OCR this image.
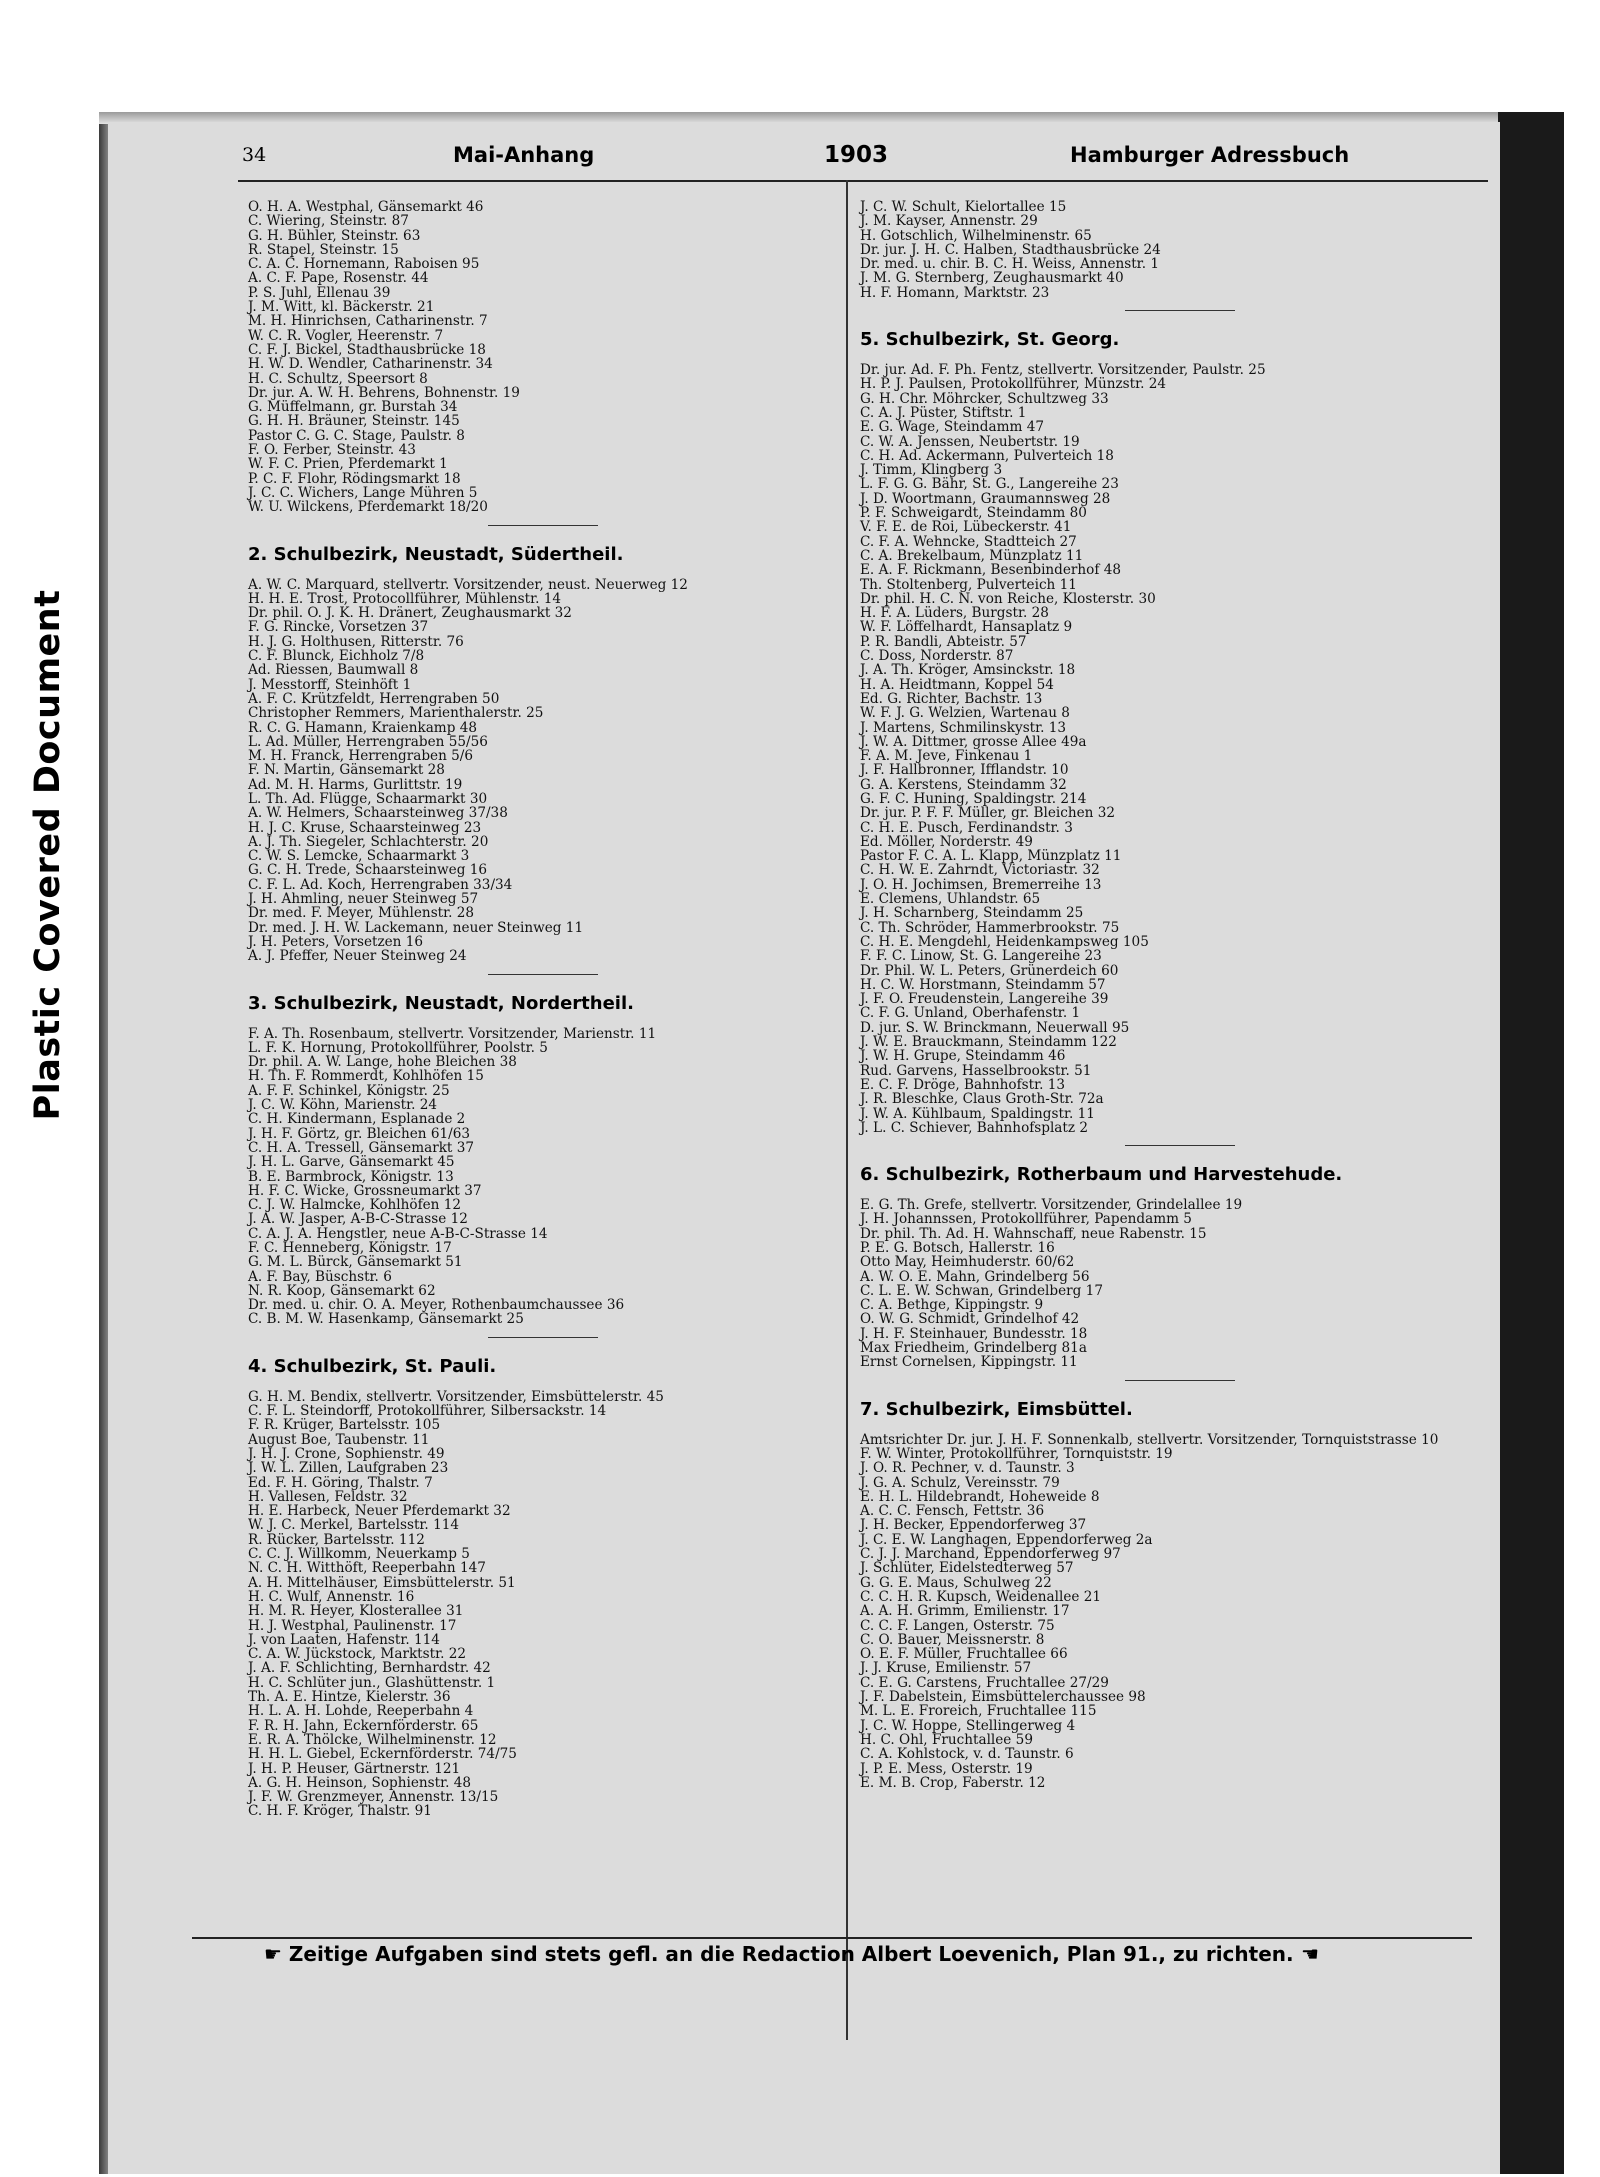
Plastic Covered Document
34	Mai-Anhang	1903	Hamburger Adressbuch
O. H. A. Westphal, Gänsemarkt 46
C. Wiering, Steinstr. 87
G. H. Bühler, Steinstr. 63
R. Stapel, Steinstr. 15
C. A. C. Hornemann, Raboisen 95
A. C. F. Pape, Rosenstr. 44
P. S. Juhl, Ellenau 39
J. M. Witt, kl. Bäckerstr. 21
M. H. Hinrichsen, Catharinenstr. 7
W. C. R. Vogler, Heerenstr. 7
C. F. J. Bickel, Stadthausbrücke 18
H. W. D. Wendler, Catharinenstr. 34
H. C. Schultz, Speersort 8
Dr. jur. A. W. H. Behrens, Bohnenstr. 19
G. Müffelmann, gr. Burstah 34
G. H. H. Bräuner, Steinstr. 145
Pastor C. G. C. Stage, Paulstr. 8
F. O. Ferber, Steinstr. 43
W. F. C. Prien, Pferdemarkt 1
P. C. F. Flohr, Rödingsmarkt 18
J. C. C. Wichers, Lange Mühren 5
W. U. Wilckens, Pferdemarkt 18/20
2. Schulbezirk, Neustadt, Südertheil.
A. W. C. Marquard, stellvertr. Vorsitzender, neust. Neuerweg 12
H. H. E. Trost, Protocollführer, Mühlenstr. 14
Dr. phil. O. J. K. H. Dränert, Zeughausmarkt 32
F. G. Rincke, Vorsetzen 37
H. J. G. Holthusen, Ritterstr. 76
C. F. Blunck, Eichholz 7/8
Ad. Riessen, Baumwall 8
J. Messtorff, Steinhöft 1
A. F. C. Krützfeldt, Herrengraben 50
Christopher Remmers, Marienthalerstr. 25
R. C. G. Hamann, Kraienkamp 48
L. Ad. Müller, Herrengraben 55/56
M. H. Franck, Herrengraben 5/6
F. N. Martin, Gänsemarkt 28
Ad. M. H. Harms, Gurlittstr. 19
L. Th. Ad. Flügge, Schaarmarkt 30
A. W. Helmers, Schaarsteinweg 37/38
H. J. C. Kruse, Schaarsteinweg 23
A. J. Th. Siegeler, Schlachterstr. 20
C. W. S. Lemcke, Schaarmarkt 3
G. C. H. Trede, Schaarsteinweg 16
C. F. L. Ad. Koch, Herrengraben 33/34
J. H. Ahmling, neuer Steinweg 57
Dr. med. F. Meyer, Mühlenstr. 28
Dr. med. J. H. W. Lackemann, neuer Steinweg 11
J. H. Peters, Vorsetzen 16
A. J. Pfeffer, Neuer Steinweg 24
3. Schulbezirk, Neustadt, Nordertheil.
F. A. Th. Rosenbaum, stellvertr. Vorsitzender, Marienstr. 11
L. F. K. Hornung, Protokollführer, Poolstr. 5
Dr. phil. A. W. Lange, hohe Bleichen 38
H. Th. F. Rommerdt, Kohlhöfen 15
A. F. F. Schinkel, Königstr. 25
J. C. W. Köhn, Marienstr. 24
C. H. Kindermann, Esplanade 2
J. H. F. Görtz, gr. Bleichen 61/63
C. H. A. Tressell, Gänsemarkt 37
J. H. L. Garve, Gänsemarkt 45
B. E. Barmbrock, Königstr. 13
H. F. C. Wicke, Grossneumarkt 37
C. J. W. Halmcke, Kohlhöfen 12
J. A. W. Jasper, A-B-C-Strasse 12
C. A. J. A. Hengstler, neue A-B-C-Strasse 14
F. C. Henneberg, Königstr. 17
G. M. L. Bürck, Gänsemarkt 51
A. F. Bay, Büschstr. 6
N. R. Koop, Gänsemarkt 62
Dr. med. u. chir. O. A. Meyer, Rothenbaumchaussee 36
C. B. M. W. Hasenkamp, Gänsemarkt 25
4. Schulbezirk, St. Pauli.
G. H. M. Bendix, stellvertr. Vorsitzender, Eimsbüttelerstr. 45
C. F. L. Steindorff, Protokollführer, Silbersackstr. 14
F. R. Krüger, Bartelsstr. 105
August Boe, Taubenstr. 11
J. H. J. Crone, Sophienstr. 49
J. W. L. Zillen, Laufgraben 23
Ed. F. H. Göring, Thalstr. 7
H. Vallesen, Feldstr. 32
H. E. Harbeck, Neuer Pferdemarkt 32
W. J. C. Merkel, Bartelsstr. 114
R. Rücker, Bartelsstr. 112
C. C. J. Willkomm, Neuerkamp 5
N. C. H. Witthöft, Reeperbahn 147
A. H. Mittelhäuser, Eimsbüttelerstr. 51
H. C. Wulf, Annenstr. 16
H. M. R. Heyer, Klosterallee 31
H. J. Westphal, Paulinenstr. 17
J. von Laaten, Hafenstr. 114
C. A. W. Jückstock, Marktstr. 22
J. A. F. Schlichting, Bernhardstr. 42
H. C. Schlüter jun., Glashüttenstr. 1
Th. A. E. Hintze, Kielerstr. 36
H. L. A. H. Lohde, Reeperbahn 4
F. R. H. Jahn, Eckernförderstr. 65
E. R. A. Thölcke, Wilhelminenstr. 12
H. H. L. Giebel, Eckernförderstr. 74/75
J. H. P. Heuser, Gärtnerstr. 121
A. G. H. Heinson, Sophienstr. 48
J. F. W. Grenzmeyer, Annenstr. 13/15
C. H. F. Kröger, Thalstr. 91
J. C. W. Schult, Kielortallee 15
J. M. Kayser, Annenstr. 29
H. Gotschlich, Wilhelminenstr. 65
Dr. jur. J. H. C. Halben, Stadthausbrücke 24
Dr. med. u. chir. B. C. H. Weiss, Annenstr. 1
J. M. G. Sternberg, Zeughausmarkt 40
H. F. Homann, Marktstr. 23
5. Schulbezirk, St. Georg.
Dr. jur. Ad. F. Ph. Fentz, stellvertr. Vorsitzender, Paulstr. 25
H. P. J. Paulsen, Protokollführer, Münzstr. 24
G. H. Chr. Möhrcker, Schultzweg 33
C. A. J. Püster, Stiftstr. 1
E. G. Wage, Steindamm 47
C. W. A. Jenssen, Neubertstr. 19
C. H. Ad. Ackermann, Pulverteich 18
J. Timm, Klingberg 3
L. F. G. G. Bähr, St. G., Langereihe 23
J. D. Woortmann, Graumannsweg 28
P. F. Schweigardt, Steindamm 80
V. F. E. de Roi, Lübeckerstr. 41
C. F. A. Wehncke, Stadtteich 27
C. A. Brekelbaum, Münzplatz 11
E. A. F. Rickmann, Besenbinderhof 48
Th. Stoltenberg, Pulverteich 11
Dr. phil. H. C. N. von Reiche, Klosterstr. 30
H. F. A. Lüders, Burgstr. 28
W. F. Löffelhardt, Hansaplatz 9
P. R. Bandli, Abteistr. 57
C. Doss, Norderstr. 87
J. A. Th. Kröger, Amsinckstr. 18
H. A. Heidtmann, Koppel 54
Ed. G. Richter, Bachstr. 13
W. F. J. G. Welzien, Wartenau 8
J. Martens, Schmilinskystr. 13
J. W. A. Dittmer, grosse Allee 49a
F. A. M. Jeve, Finkenau 1
J. F. Hallbronner, Ifflandstr. 10
G. A. Kerstens, Steindamm 32
G. F. C. Huning, Spaldingstr. 214
Dr. jur. P. F. F. Müller, gr. Bleichen 32
C. H. E. Pusch, Ferdinandstr. 3
Ed. Möller, Norderstr. 49
Pastor F. C. A. L. Klapp, Münzplatz 11
C. H. W. E. Zahrndt, Victoriastr. 32
J. O. H. Jochimsen, Bremerreihe 13
E. Clemens, Uhlandstr. 65
J. H. Scharnberg, Steindamm 25
C. Th. Schröder, Hammerbrookstr. 75
C. H. E. Mengdehl, Heidenkampsweg 105
F. F. C. Linow, St. G. Langereihe 23
Dr. Phil. W. L. Peters, Grünerdeich 60
H. C. W. Horstmann, Steindamm 57
J. F. O. Freudenstein, Langereihe 39
C. F. G. Unland, Oberhafenstr. 1
D. jur. S. W. Brinckmann, Neuerwall 95
J. W. E. Brauckmann, Steindamm 122
J. W. H. Grupe, Steindamm 46
Rud. Garvens, Hasselbrookstr. 51
E. C. F. Dröge, Bahnhofstr. 13
J. R. Bleschke, Claus Groth-Str. 72a
J. W. A. Kühlbaum, Spaldingstr. 11
J. L. C. Schiever, Bahnhofsplatz 2
6. Schulbezirk, Rotherbaum und Harvestehude.
E. G. Th. Grefe, stellvertr. Vorsitzender, Grindelallee 19
J. H. Johannssen, Protokollführer, Papendamm 5
Dr. phil. Th. Ad. H. Wahnschaff, neue Rabenstr. 15
P. E. G. Botsch, Hallerstr. 16
Otto May, Heimhuderstr. 60/62
A. W. O. E. Mahn, Grindelberg 56
C. L. E. W. Schwan, Grindelberg 17
C. A. Bethge, Kippingstr. 9
O. W. G. Schmidt, Grindelhof 42
J. H. F. Steinhauer, Bundesstr. 18
Max Friedheim, Grindelberg 81a
Ernst Cornelsen, Kippingstr. 11
7. Schulbezirk, Eimsbüttel.
Amtsrichter Dr. jur. J. H. F. Sonnenkalb, stellvertr. Vorsitzender, Tornquiststrasse 10
F. W. Winter, Protokollführer, Tornquiststr. 19
J. O. R. Pechner, v. d. Taunstr. 3
J. G. A. Schulz, Vereinsstr. 79
E. H. L. Hildebrandt, Hoheweide 8
A. C. C. Fensch, Fettstr. 36
J. H. Becker, Eppendorferweg 37
J. C. E. W. Langhagen, Eppendorferweg 2a
C. J. J. Marchand, Eppendorferweg 97
J. Schlüter, Eidelstedterweg 57
G. G. E. Maus, Schulweg 22
C. C. H. R. Kupsch, Weidenallee 21
A. A. H. Grimm, Emilienstr. 17
C. C. F. Langen, Osterstr. 75
C. O. Bauer, Meissnerstr. 8
O. E. F. Müller, Fruchtallee 66
J. J. Kruse, Emilienstr. 57
C. E. G. Carstens, Fruchtallee 27/29
J. F. Dabelstein, Eimsbüttelerchaussee 98
M. L. E. Froreich, Fruchtallee 115
J. C. W. Hoppe, Stellingerweg 4
H. C. Ohl, Fruchtallee 59
C. A. Kohlstock, v. d. Taunstr. 6
J. P. E. Mess, Osterstr. 19
E. M. B. Crop, Faberstr. 12
☛ Zeitige Aufgaben sind stets gefl. an die Redaction Albert Loevenich, Plan 91., zu richten. ☛
